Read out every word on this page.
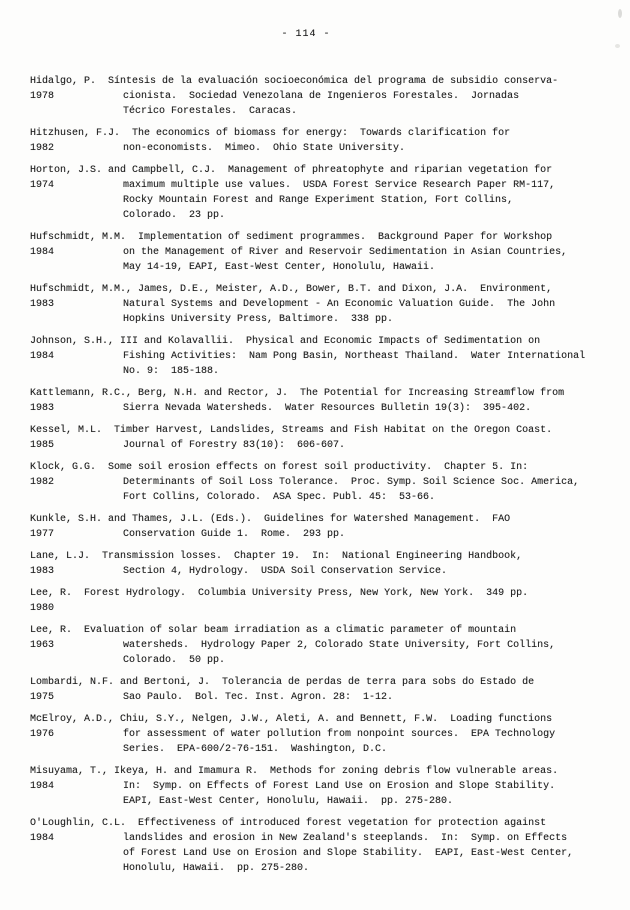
- 114 -
Hidalgo, P. Síntesis de la evaluación socioeconómica del programa de subsidio conserva-
1978	cionista.  Sociedad Venezolana de Ingenieros Forestales.  Jornadas
Técrico Forestales.  Caracas.
Hitzhusen, F.J. The economics of biomass for energy:  Towards clarification for
1982	non-economists.  Mimeo.  Ohio State University.
Horton, J.S. and Campbell, C.J. Management of phreatophyte and riparian vegetation for
1974	maximum multiple use values.  USDA Forest Service Research Paper RM-117,
Rocky Mountain Forest and Range Experiment Station, Fort Collins,
Colorado.  23 pp.
Hufschmidt, M.M. Implementation of sediment programmes.  Background Paper for Workshop
1984	on the Management of River and Reservoir Sedimentation in Asian Countries,
May 14-19, EAPI, East-West Center, Honolulu, Hawaii.
Hufschmidt, M.M., James, D.E., Meister, A.D., Bower, B.T. and Dixon, J.A. Environment,
1983	Natural Systems and Development - An Economic Valuation Guide.  The John
Hopkins University Press, Baltimore.  338 pp.
Johnson, S.H., III and Kolavallii. Physical and Economic Impacts of Sedimentation on
1984	Fishing Activities:  Nam Pong Basin, Northeast Thailand.  Water International
No. 9:  185-188.
Kattlemann, R.C., Berg, N.H. and Rector, J. The Potential for Increasing Streamflow from
1983	Sierra Nevada Watersheds.  Water Resources Bulletin 19(3):  395-402.
Kessel, M.L. Timber Harvest, Landslides, Streams and Fish Habitat on the Oregon Coast.
1985	Journal of Forestry 83(10):  606-607.
Klock, G.G. Some soil erosion effects on forest soil productivity.  Chapter 5. In:
1982	Determinants of Soil Loss Tolerance.  Proc. Symp. Soil Science Soc. America,
Fort Collins, Colorado.  ASA Spec. Publ. 45:  53-66.
Kunkle, S.H. and Thames, J.L. (Eds.). Guidelines for Watershed Management.  FAO
1977	Conservation Guide 1.  Rome.  293 pp.
Lane, L.J. Transmission losses.  Chapter 19.  In:  National Engineering Handbook,
1983	Section 4, Hydrology.  USDA Soil Conservation Service.
Lee, R. Forest Hydrology.  Columbia University Press, New York, New York.  349 pp.
1980
Lee, R. Evaluation of solar beam irradiation as a climatic parameter of mountain
1963	watersheds.  Hydrology Paper 2, Colorado State University, Fort Collins,
Colorado.  50 pp.
Lombardi, N.F. and Bertoni, J. Tolerancia de perdas de terra para sobs do Estado de
1975	Sao Paulo.  Bol. Tec. Inst. Agron. 28:  1-12.
McElroy, A.D., Chiu, S.Y., Nelgen, J.W., Aleti, A. and Bennett, F.W. Loading functions
1976	for assessment of water pollution from nonpoint sources.  EPA Technology
Series.  EPA-600/2-76-151.  Washington, D.C.
Misuyama, T., Ikeya, H. and Imamura R. Methods for zoning debris flow vulnerable areas.
1984	In:  Symp. on Effects of Forest Land Use on Erosion and Slope Stability.
EAPI, East-West Center, Honolulu, Hawaii.  pp. 275-280.
O'Loughlin, C.L. Effectiveness of introduced forest vegetation for protection against
1984	landslides and erosion in New Zealand's steeplands.  In:  Symp. on Effects
of Forest Land Use on Erosion and Slope Stability.  EAPI, East-West Center,
Honolulu, Hawaii.  pp. 275-280.
